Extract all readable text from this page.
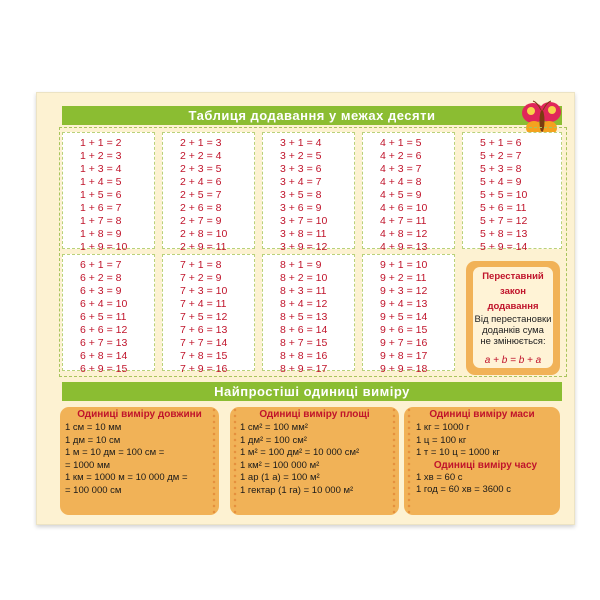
Таблиця додавання у межах десяти
1 + 1 = 2
1 + 2 = 3
1 + 3 = 4
1 + 4 = 5
1 + 5 = 6
1 + 6 = 7
1 + 7 = 8
1 + 8 = 9
1 + 9 = 10
2 + 1 = 3
2 + 2 = 4
2 + 3 = 5
2 + 4 = 6
2 + 5 = 7
2 + 6 = 8
2 + 7 = 9
2 + 8 = 10
2 + 9 = 11
3 + 1 = 4
3 + 2 = 5
3 + 3 = 6
3 + 4 = 7
3 + 5 = 8
3 + 6 = 9
3 + 7 = 10
3 + 8 = 11
3 + 9 = 12
4 + 1 = 5
4 + 2 = 6
4 + 3 = 7
4 + 4 = 8
4 + 5 = 9
4 + 6 = 10
4 + 7 = 11
4 + 8 = 12
4 + 9 = 13
5 + 1 = 6
5 + 2 = 7
5 + 3 = 8
5 + 4 = 9
5 + 5 = 10
5 + 6 = 11
5 + 7 = 12
5 + 8 = 13
5 + 9 = 14
6 + 1 = 7
6 + 2 = 8
6 + 3 = 9
6 + 4 = 10
6 + 5 = 11
6 + 6 = 12
6 + 7 = 13
6 + 8 = 14
6 + 9 = 15
7 + 1 = 8
7 + 2 = 9
7 + 3 = 10
7 + 4 = 11
7 + 5 = 12
7 + 6 = 13
7 + 7 = 14
7 + 8 = 15
7 + 9 = 16
8 + 1 = 9
8 + 2 = 10
8 + 3 = 11
8 + 4 = 12
8 + 5 = 13
8 + 6 = 14
8 + 7 = 15
8 + 8 = 16
8 + 9 = 17
9 + 1 = 10
9 + 2 = 11
9 + 3 = 12
9 + 4 = 13
9 + 5 = 14
9 + 6 = 15
9 + 7 = 16
9 + 8 = 17
9 + 9 = 18
Переставний
закон
додавання
Від перестановки
доданків сума
не змінюється:
a + b = b + a
Найпростіші одиниці виміру
Одиниці виміру довжини
1 см = 10 мм
1 дм = 10 см
1 м = 10 дм = 100 см =
= 1000 мм
1 км = 1000 м = 10 000 дм =
= 100 000 см
Одиниці виміру площі
1 см² = 100 мм²
1 дм² = 100 см²
1 м² = 100 дм² = 10 000 см²
1 км² = 100 000 м²
1 ар (1 а) = 100 м²
1 гектар (1 га) = 10 000 м²
Одиниці виміру маси
1 кг = 1000 г
1 ц = 100 кг
1 т = 10 ц = 1000 кг
Одиниці виміру часу
1 хв = 60 с
1 год = 60 хв = 3600 с
